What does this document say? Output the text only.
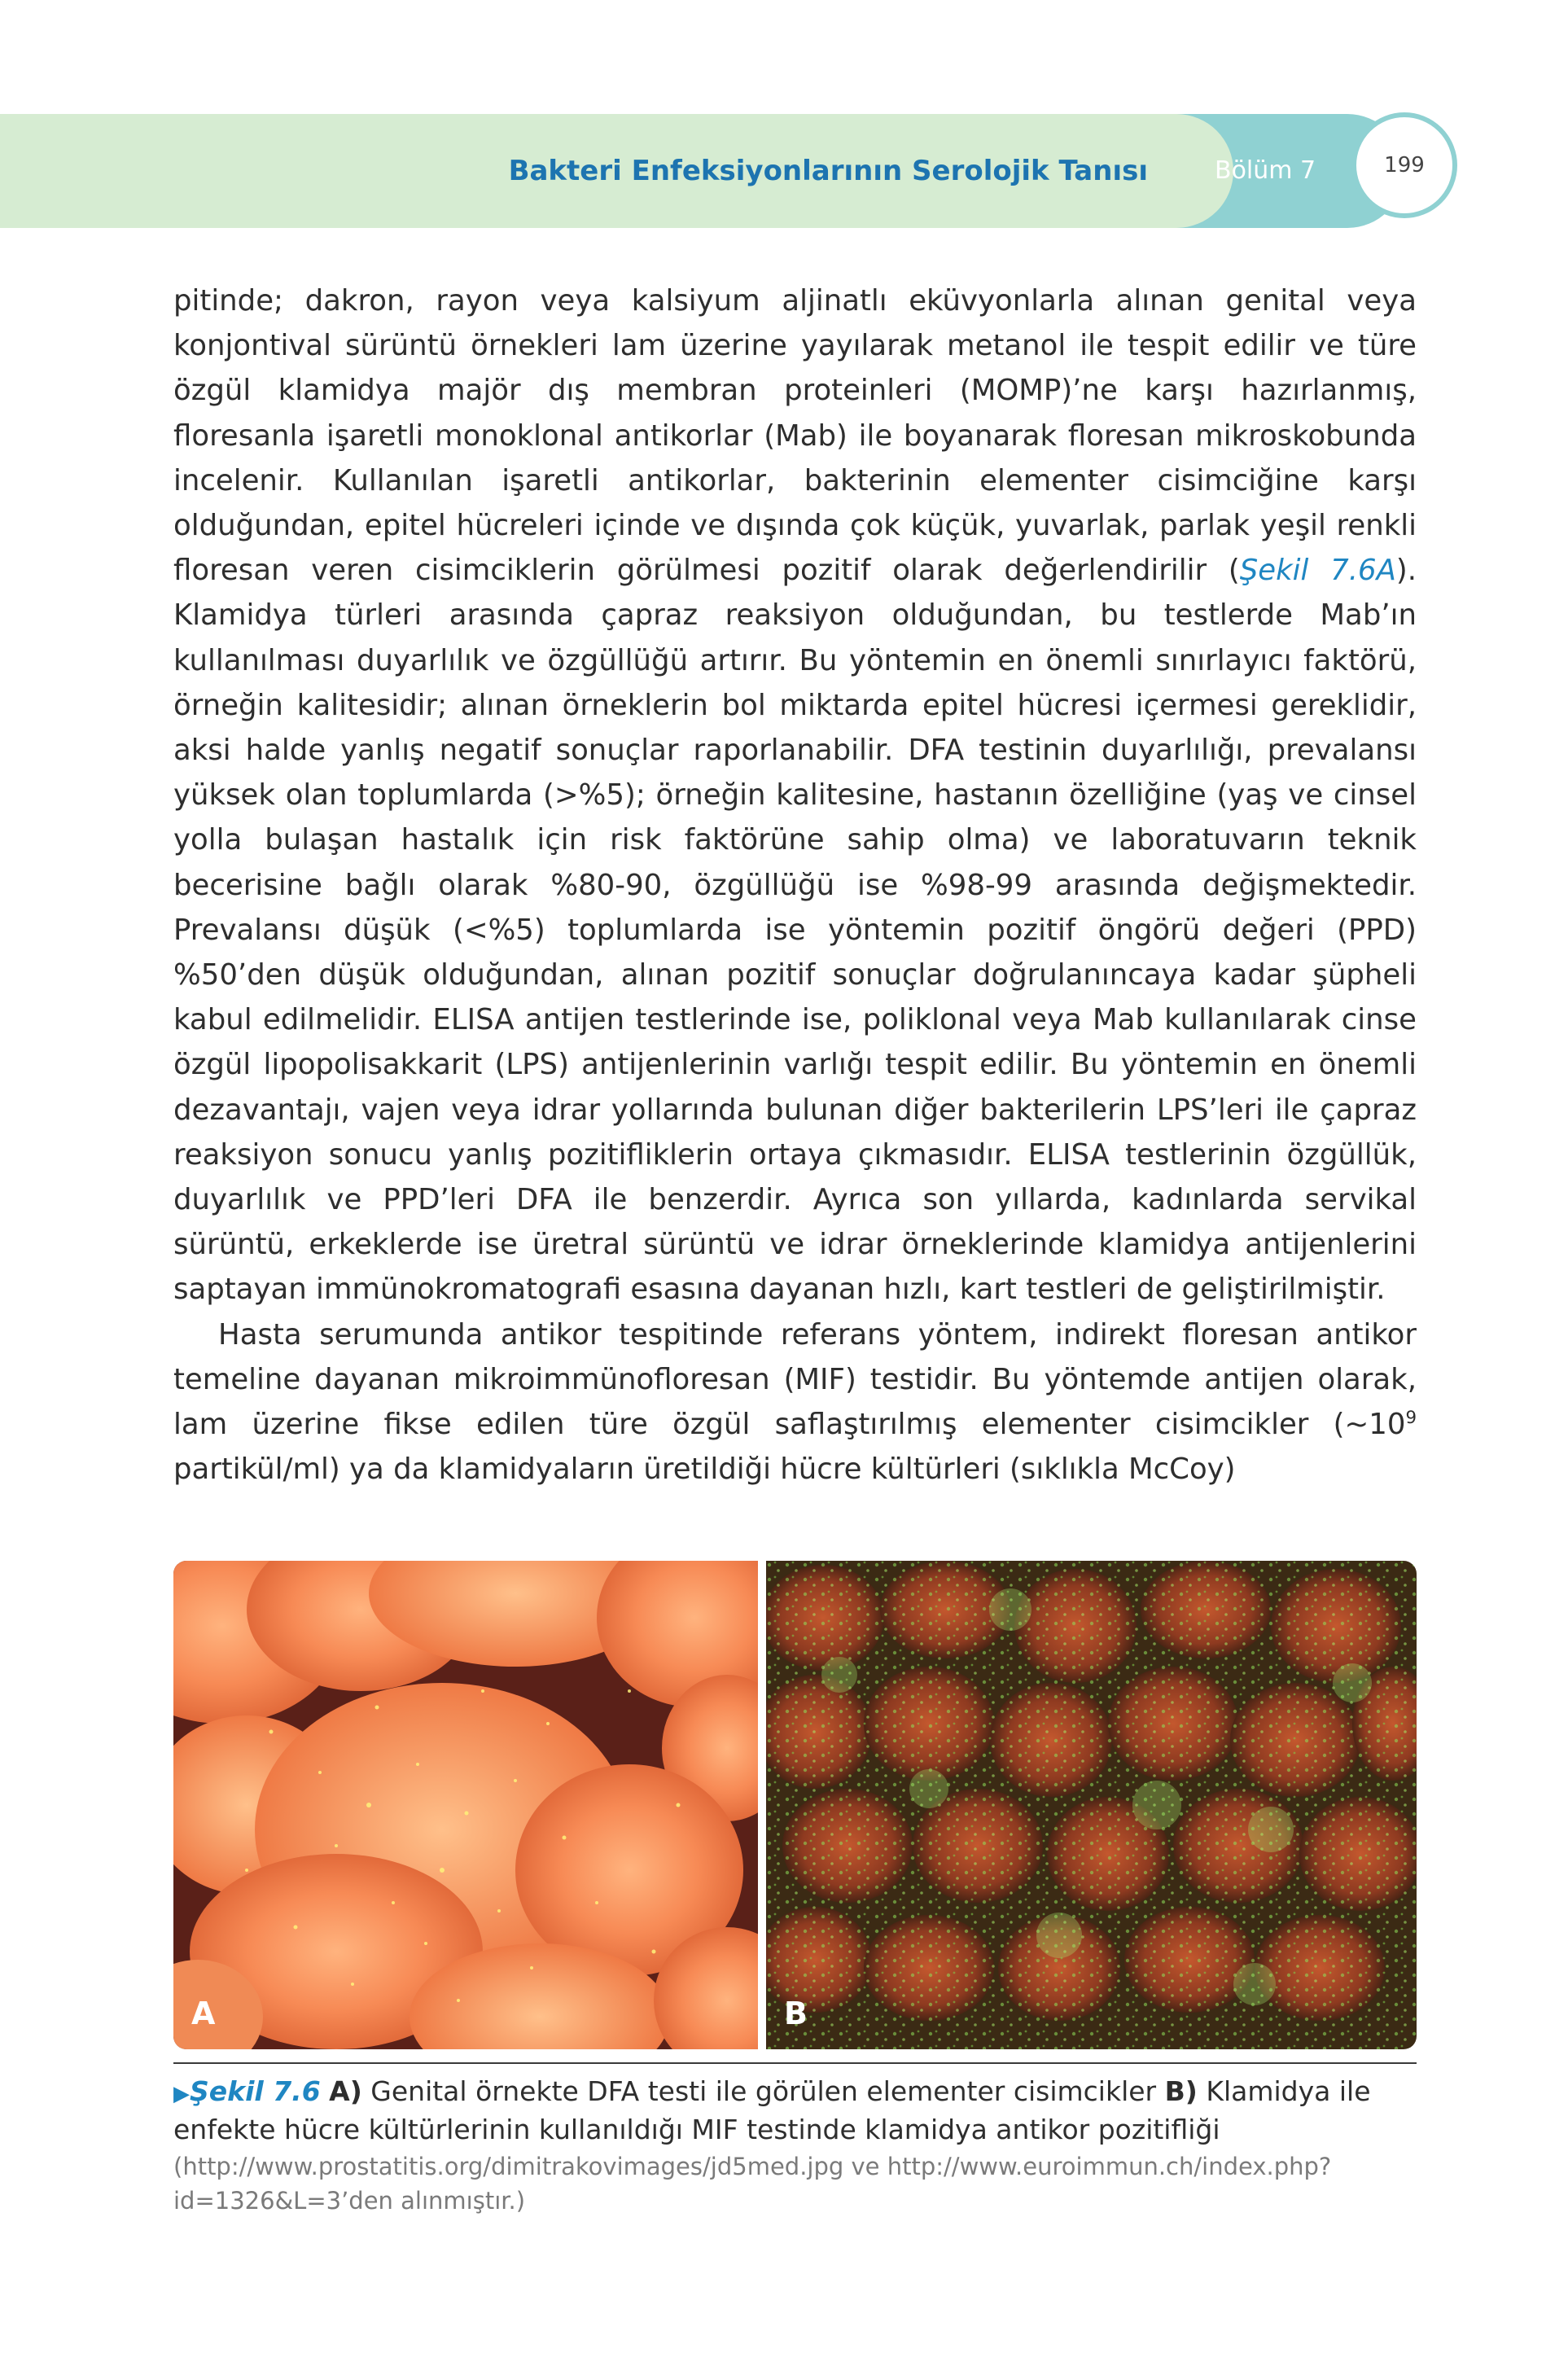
Bakteri Enfeksiyonlarının Serolojik Tanısı	Bölüm 7	199

pitinde; dakron, rayon veya kalsiyum aljinatlı eküvyonlarla alınan genital veya konjontival sürüntü örnekleri lam üzerine yayılarak metanol ile tespit edilir ve türe özgül klamidya majör dış membran proteinleri (MOMP)’ne karşı hazırlanmış, floresanla işaretli monoklonal antikorlar (Mab) ile boyanarak floresan mikroskobunda incelenir. Kullanılan işaretli antikorlar, bakterinin elementer cisimciğine karşı olduğundan, epitel hücreleri içinde ve dışında çok küçük, yuvarlak, parlak yeşil renkli floresan veren cisimciklerin görülmesi pozitif olarak değerlendirilir (Şekil 7.6A). Klamidya türleri arasında çapraz reaksiyon olduğundan, bu testlerde Mab’ın kullanılması duyarlılık ve özgüllüğü artırır. Bu yöntemin en önemli sınırlayıcı faktörü, örneğin kalitesidir; alınan örneklerin bol miktarda epitel hücresi içermesi gereklidir, aksi halde yanlış negatif sonuçlar raporlanabilir. DFA testinin duyarlılığı, prevalansı yüksek olan toplumlarda (>%5); örneğin kalitesine, hastanın özelliğine (yaş ve cinsel yolla bulaşan hastalık için risk faktörüne sahip olma) ve laboratuvarın teknik becerisine bağlı olarak %80-90, özgüllüğü ise %98-99 arasında değişmektedir. Prevalansı düşük (<%5) toplumlarda ise yöntemin pozitif öngörü değeri (PPD) %50’den düşük olduğundan, alınan pozitif sonuçlar doğrulanıncaya kadar şüpheli kabul edilmelidir. ELISA antijen testlerinde ise, poliklonal veya Mab kullanılarak cinse özgül lipopolisakkarit (LPS) antijenlerinin varlığı tespit edilir. Bu yöntemin en önemli dezavantajı, vajen veya idrar yollarında bulunan diğer bakterilerin LPS’leri ile çapraz reaksiyon sonucu yanlış pozitifliklerin ortaya çıkmasıdır. ELISA testlerinin özgüllük, duyarlılık ve PPD’leri DFA ile benzerdir. Ayrıca son yıllarda, kadınlarda servikal sürüntü, erkeklerde ise üretral sürüntü ve idrar örneklerinde klamidya antijenlerini saptayan immünokromatografi esasına dayanan hızlı, kart testleri de geliştirilmiştir.

Hasta serumunda antikor tespitinde referans yöntem, indirekt floresan antikor temeline dayanan mikroimmünofloresan (MIF) testidir. Bu yöntemde antijen olarak, lam üzerine fikse edilen türe özgül saflaştırılmış elementer cisimcikler ($\sim 10^9$ partikül/ml) ya da klamidyaların üretildiği hücre kültürleri (sıklıkla McCoy)

A	B
▶Şekil 7.6 A) Genital örnekte DFA testi ile görülen elementer cisimcikler B) Klamidya ile enfekte hücre kültürlerinin kullanıldığı MIF testinde klamidya antikor pozitifliği
(http://www.prostatitis.org/dimitrakovimages/jd5med.jpg ve http://www.euroimmun.ch/index.php?id=1326&L=3’den alınmıştır.)
